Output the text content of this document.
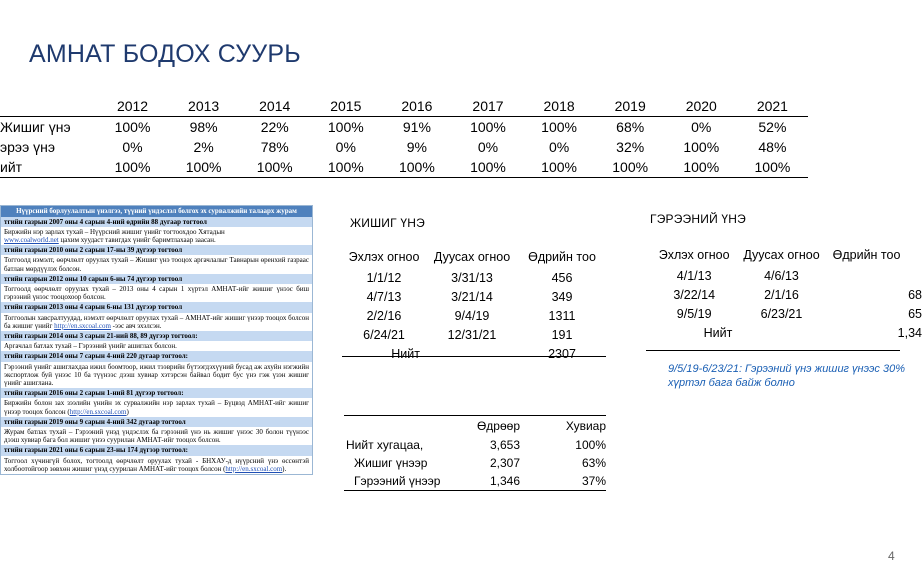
АМНАТ БОДОХ СУУРЬ
	2012	2013	2014	2015	2016	2017	2018	2019	2020	2021
Жишиг үнэ	100%	98%	22%	100%	91%	100%	100%	68%	0%	52%
эрээ үнэ	0%	2%	78%	0%	9%	0%	0%	32%	100%	48%
ийт	100%	100%	100%	100%	100%	100%	100%	100%	100%	100%
Нүүрсний борлуулалтын үнэлгээ, түүний үндэслэл болгох эх сурвалжийн талаарх журам
тгийн газрын 2007 оны 4 сарын 4-ний өдрийн 88 дугаар тогтоол
Биржийн нэр зарлах тухай – Нүүрсний жишиг үнийг тогтоохдоо Хятадын
www.coalworld.net цахим хуудаст тавигдах үнийг баримтлахаар заасан.
тгийн газрын 2010 оны 2 сарын 17-ны 39 дүгээр тогтоол
Тоггоолд нэмэлт, өөрчлөлт оруулах тухай – Жишиг үнэ тооцох аргачлалыг Тавнарын өренхий газраас батлан мөрдүүлэх болсон.
тгийн газрын 2012 оны 10 сарын 6-ны 74 дүгээр тогтоол
Тоггоолд өөрчлөлт оруулах тухай – 2013 оны 4 сарын 1 хүртэл АМНАТ-ийг жишиг үнээс биш гэрээний үнээс тооцохоор болсон.
тгийн газрын 2013 оны 4 сарын 6-ны 131 дүгээр тогтоол
Тоггоолын хавсралтуудад, нэмэлт өөрчлөлт оруулах тухай – АМНАТ-ийг жишиг үнээр тооцох болсон ба жишиг үнийг http://en.sxcoal.com -ээс авч эхэлсэн.
тгийн газрын 2014 оны 3 сарын 21-ний 88, 89 дүгээр тогтоол:
Аргачлал батлах тухай – Гэрээний үнийг ашиглах болсон.
тгийн газрын 2014 оны 7 сарын 4-ний 220 дугаар тогтоол:
Гэрээний үнийг ашиглахдаа ижил боомтоор, ижил тээврийн бүтээгдэхүүний бусад аж ахуйн нэгжийн экспортлож буй үнээс 10 ба түүнээс дээш хувиар хэтэрсэн байвал бодит бус үнэ гэж үзэн жишиг үнийг ашиглана.
тгийн газрын 2016 оны 2 сарын 1-ний 81 дүгээр тогтоол:
Биржийн болон зах зээлийн үнийн эх сурвалжийн нэр зарлах тухай – Бүцвэд АМНАТ-ийг жишиг үнээр тооцох болсон (http://en.sxcoal.com)
тгийн газрын 2019 оны 9 сарын 4-ний 342 дугаар тогтоол
Журам батлах тухай – Гэрээний үнэд үндэслэх ба гэрээний үнэ нь жишиг үнээс 30 болон түүнээс дээш хувиар бага бол жишиг үнээ суурилан АМНАТ-ийг тооцох болсон.
тгийн газрын 2021 оны 6 сарын 23-ны 174 дүгээр тогтоол:
Тоггоол хүчингүй болох, тогтоолд өөрчлөлт оруулах тухай - БНХАУ-д нүүрсний үнэ өссөнтэй холбоотойгоор зөвхөн жишиг үнэд суурилан АМНАТ-ийг тооцох болсон (http://en.sxcoal.com).
ЖИШИГ ҮНЭ
Эхлэх огноо	Дуусах огноо	Өдрийн тоо
1/1/12	3/31/13	456
4/7/13	3/21/14	349
2/2/16	9/4/19	1311
6/24/21	12/31/21	191
Нийт		2307
ГЭРЭЭНИЙ ҮНЭ
Эхлэх огноо	Дуусах огноо	Өдрийн тоо
4/1/13	4/6/13	
3/22/14	2/1/16	68
9/5/19	6/23/21	65
Нийт		1,34
9/5/19-6/23/21: Гэрээний үнэ жишиг үнээс 30% хүртэл бага байж болно
	Өдрөөр	Хувиар
Нийт хугацаа,	3,653	100%
Жишиг үнээр	2,307	63%
Гэрээний үнээр	1,346	37%
4
